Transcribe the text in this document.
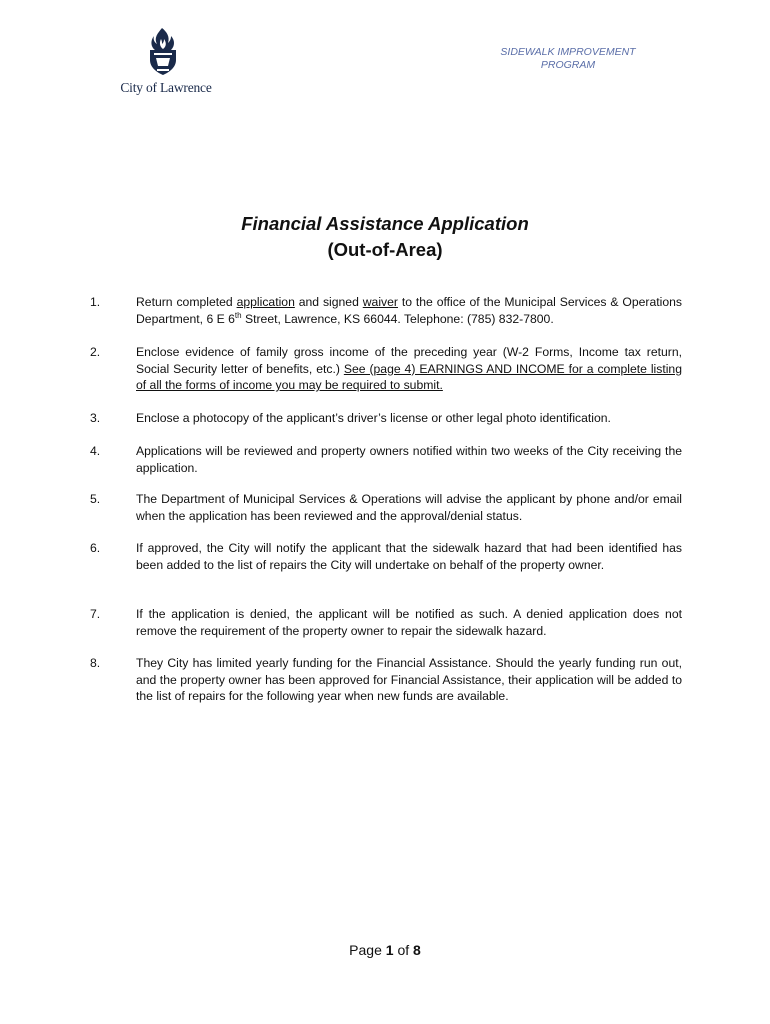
City of Lawrence
SIDEWALK IMPROVEMENT
PROGRAM
Financial Assistance Application
(Out-of-Area)
1.	Return completed application and signed waiver to the office of the Municipal Services & Operations Department, 6 E 6th Street, Lawrence, KS 66044. Telephone: (785) 832-7800.
2.	Enclose evidence of family gross income of the preceding year (W-2 Forms, Income tax return, Social Security letter of benefits, etc.) See (page 4) EARNINGS AND INCOME for a complete listing of all the forms of income you may be required to submit.
3.	Enclose a photocopy of the applicant’s driver’s license or other legal photo identification.
4.	Applications will be reviewed and property owners notified within two weeks of the City receiving the application.
5.	The Department of Municipal Services & Operations will advise the applicant by phone and/or email when the application has been reviewed and the approval/denial status.
6.	If approved, the City will notify the applicant that the sidewalk hazard that had been identified has been added to the list of repairs the City will undertake on behalf of the property owner.
7.	If the application is denied, the applicant will be notified as such. A denied application does not remove the requirement of the property owner to repair the sidewalk hazard.
8.	They City has limited yearly funding for the Financial Assistance. Should the yearly funding run out, and the property owner has been approved for Financial Assistance, their application will be added to the list of repairs for the following year when new funds are available.
Page 1 of 8
